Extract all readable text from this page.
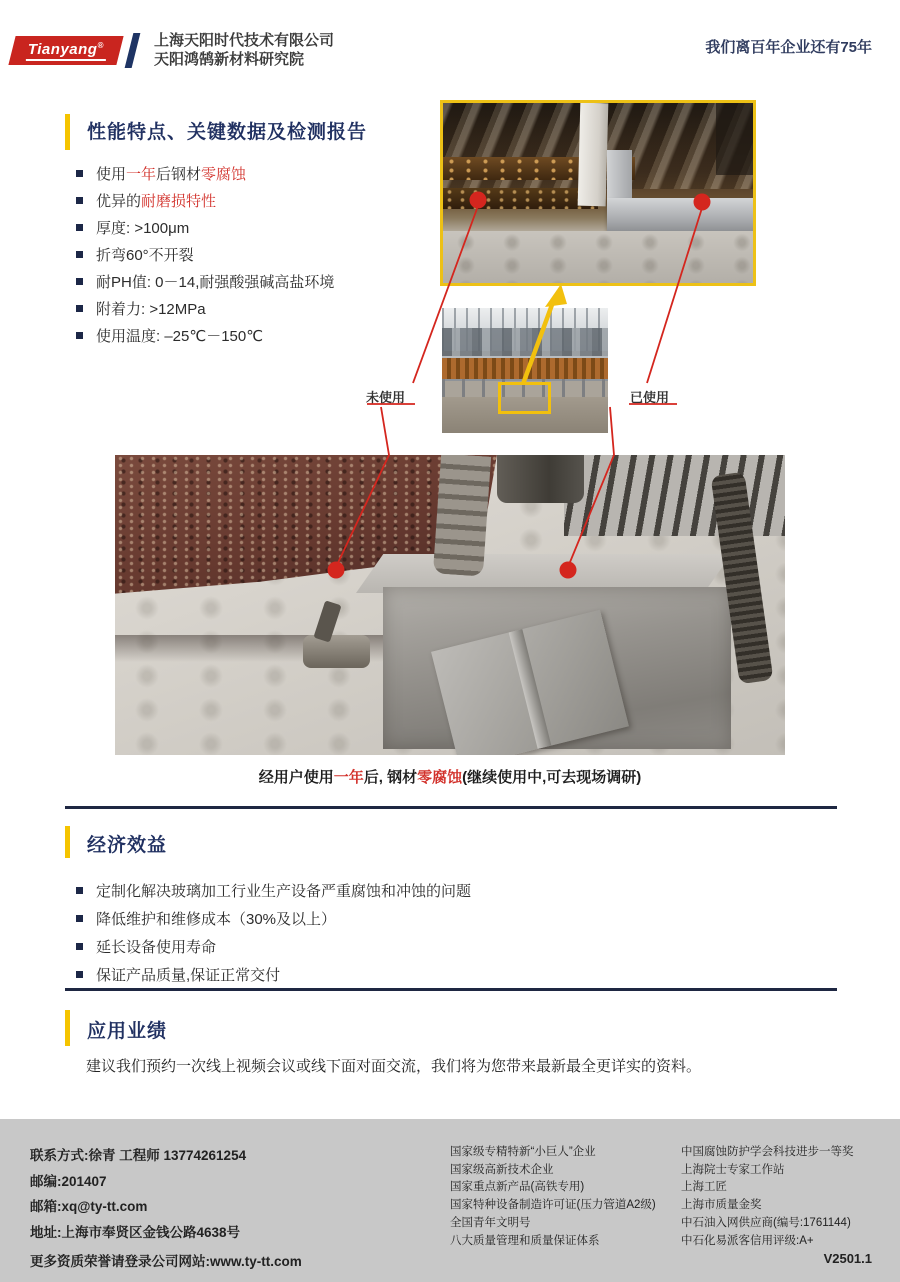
Tianyang®	上海天阳时代技术有限公司
天阳鸿鹄新材料研究院
我们离百年企业还有75年
性能特点、关键数据及检测报告
使用一年后钢材零腐蚀
优异的耐磨损特性
厚度: >100μm
折弯60°不开裂
耐PH值: 0－14,耐强酸强碱高盐环境
附着力: >12MPa
使用温度: –25℃－150℃
未使用	已使用
经用户使用一年后, 钢材零腐蚀(继续使用中,可去现场调研)
经济效益
定制化解决玻璃加工行业生产设备严重腐蚀和冲蚀的问题
降低维护和维修成本（30%及以上）
延长设备使用寿命
保证产品质量,保证正常交付
应用业绩
建议我们预约一次线上视频会议或线下面对面交流，我们将为您带来最新最全更详实的资料。

联系方式:徐青 工程师 13774261254

邮编:201407

邮箱:xq@ty-tt.com

地址:上海市奉贤区金钱公路4638号

国家级专精特新“小巨人”企业

国家级高新技术企业

国家重点新产品(高铁专用)

国家特种设备制造许可证(压力管道A2级)

全国青年文明号

八大质量管理和质量保证体系

中国腐蚀防护学会科技进步一等奖

上海院士专家工作站

上海工匠

上海市质量金奖

中石油入网供应商(编号:1761144)

中石化易派客信用评级:A+

更多资质荣誉请登录公司网站:www.ty-tt.com	V2501.1
